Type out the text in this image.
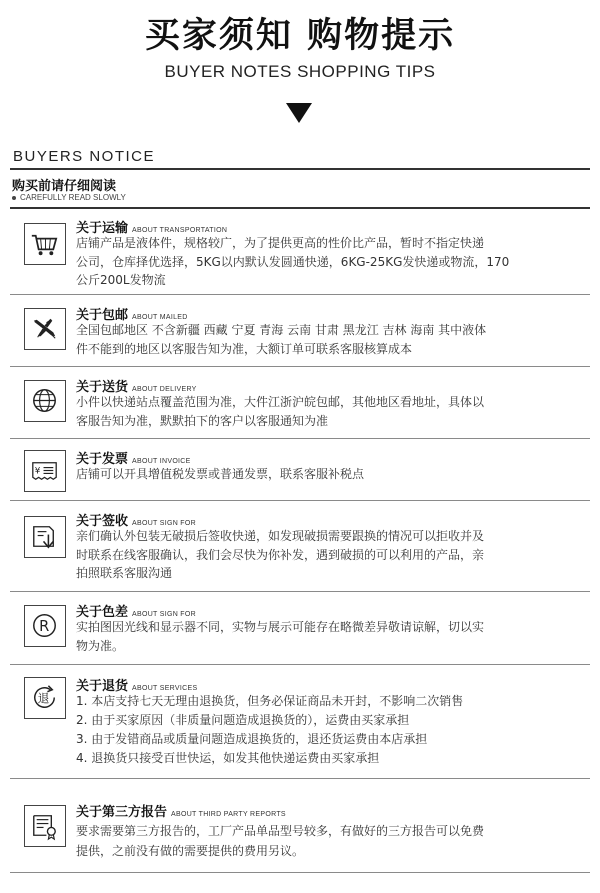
买家须知 购物提示
BUYER NOTES SHOPPING TIPS
BUYERS NOTICE
购买前请仔细阅读
CAREFULLY READ SLOWLY
关于运输 ABOUT TRANSPORTATION
店铺产品是液体件，规格较广，为了提供更高的性价比产品，暂时不指定快递
公司，仓库择优选择，5KG以内默认发圆通快递，6KG-25KG发快递或物流，170
公斤200L发物流
关于包邮 ABOUT MAILED
全国包邮地区 不含新疆 西藏 宁夏 青海 云南 甘肃 黑龙江 吉林 海南 其中液体
件不能到的地区以客服告知为准，大额订单可联系客服核算成本
关于送货 ABOUT DELIVERY
小件以快递站点覆盖范围为准，大件江浙沪皖包邮，其他地区看地址，具体以
客服告知为准，默默拍下的客户以客服通知为准
¥
关于发票 ABOUT INVOICE
店铺可以开具增值税发票或普通发票，联系客服补税点
关于签收 ABOUT SIGN FOR
亲们确认外包装无破损后签收快递，如发现破损需要跟换的情况可以拒收并及
时联系在线客服确认，我们会尽快为你补发，遇到破损的可以利用的产品，亲
拍照联系客服沟通
R
关于色差 ABOUT SIGN FOR
实拍图因光线和显示器不同，实物与展示可能存在略微差异敬请谅解，切以实
物为准。
退
关于退货 ABOUT SERVICES
1. 本店支持七天无理由退换货，但务必保证商品未开封，不影响二次销售
2. 由于买家原因（非质量问题造成退换货的），运费由买家承担
3. 由于发错商品或质量问题造成退换货的，退还货运费由本店承担
4. 退换货只接受百世快运，如发其他快递运费由买家承担
关于第三方报告 ABOUT THIRD PARTY REPORTS
要求需要第三方报告的，工厂产品单品型号较多，有做好的三方报告可以免费
提供，之前没有做的需要提供的费用另议。
